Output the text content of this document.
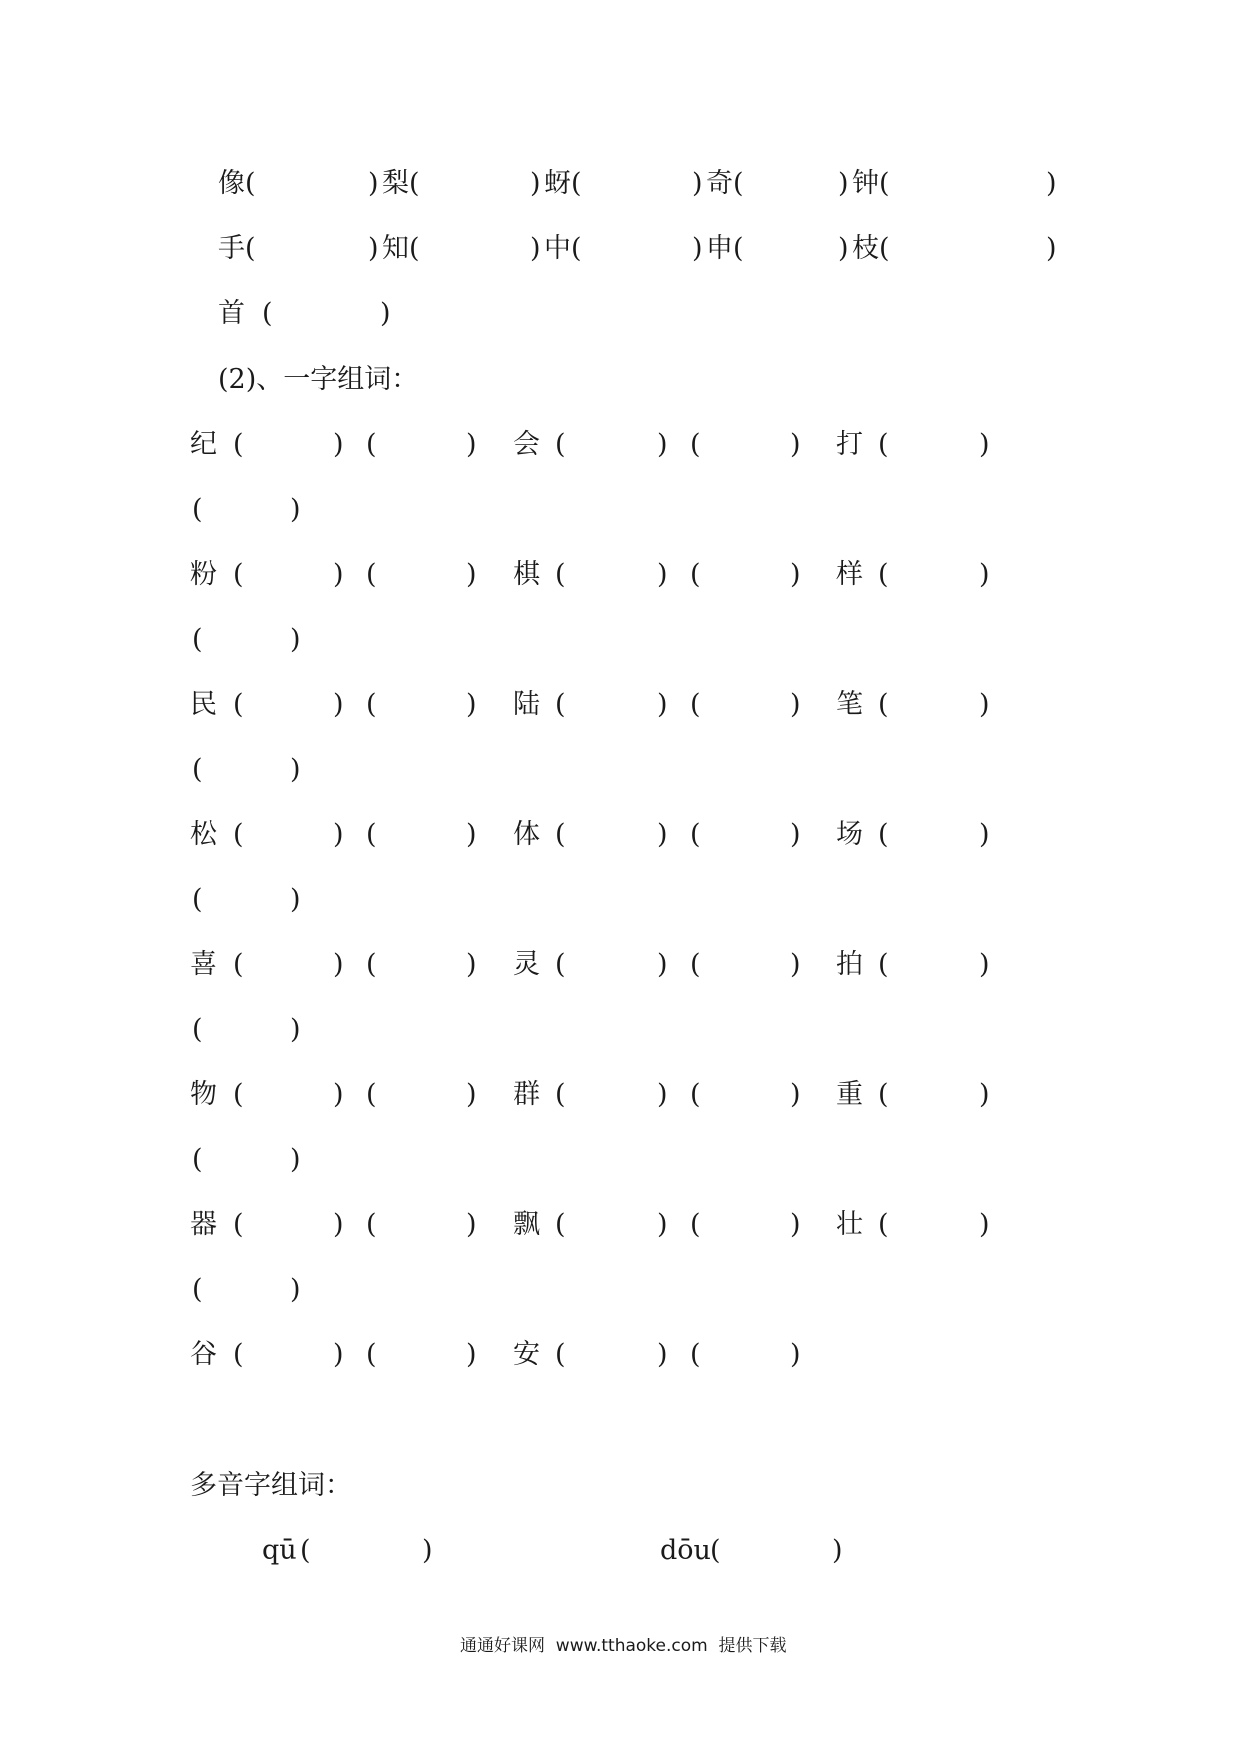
像 (	) 梨 (	) 蚜 (	) 奇 (	) 钟 (	)
手 (	) 知 (	) 中 (	) 申 (	) 枝 (	)
首 (	)
(2)、一字组词：
纪 (	) (	) 会 (	) (	) 打 (	)
(	)
粉 (	) (	) 棋 (	) (	) 样 (	)
(	)
民 (	) (	) 陆 (	) (	) 笔 (	)
(	)
松 (	) (	) 体 (	) (	) 场 (	)
(	)
喜 (	) (	) 灵 (	) (	) 拍 (	)
(	)
物 (	) (	) 群 (	) (	) 重 (	)
(	)
器 (	) (	) 飘 (	) (	) 壮 (	)
(	)
谷 (	) (	) 安 (	) (	)
多音字组词：
qū (	)	dōu (	)
通通好课网  www.tthaoke.com  提供下载
